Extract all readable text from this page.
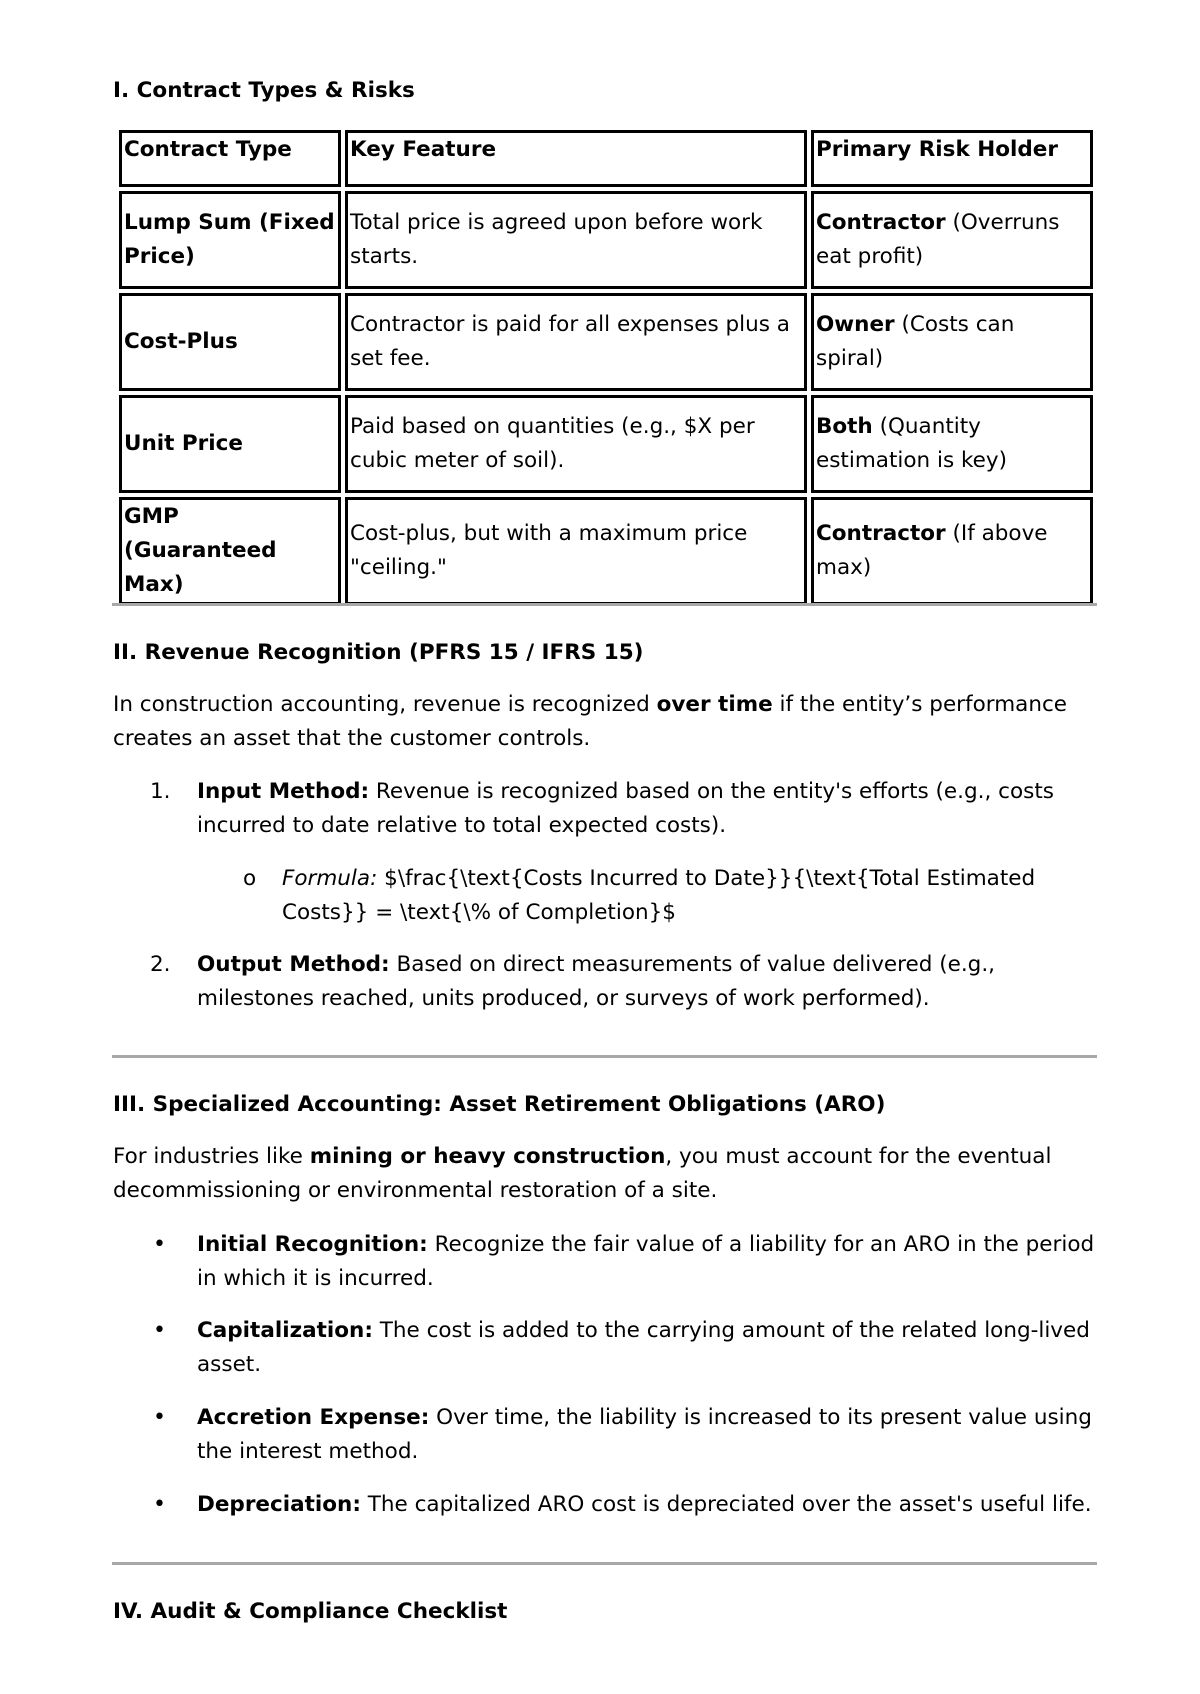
I. Contract Types & Risks
Contract Type	Key Feature	Primary Risk Holder
Lump Sum (Fixed Price)	Total price is agreed upon before work starts.	Contractor (Overruns eat profit)
Cost-Plus	Contractor is paid for all expenses plus a set fee.	Owner (Costs can spiral)
Unit Price	Paid based on quantities (e.g., $X per cubic meter of soil).	Both (Quantity estimation is key)
GMP (Guaranteed Max)	Cost-plus, but with a maximum price "ceiling."	Contractor (If above max)
II. Revenue Recognition (PFRS 15 / IFRS 15)
In construction accounting, revenue is recognized over time if the entity’s performance creates an asset that the customer controls.
1.	Input Method: Revenue is recognized based on the entity's efforts (e.g., costs incurred to date relative to total expected costs).
o Formula: $\frac{\text{Costs Incurred to Date}}{\text{Total Estimated Costs}} = \text{\% of Completion}$
2.	Output Method: Based on direct measurements of value delivered (e.g., milestones reached, units produced, or surveys of work performed).
III. Specialized Accounting: Asset Retirement Obligations (ARO)
For industries like mining or heavy construction, you must account for the eventual decommissioning or environmental restoration of a site.
•	Initial Recognition: Recognize the fair value of a liability for an ARO in the period in which it is incurred.
•	Capitalization: The cost is added to the carrying amount of the related long-lived asset.
•	Accretion Expense: Over time, the liability is increased to its present value using the interest method.
•	Depreciation: The capitalized ARO cost is depreciated over the asset's useful life.
IV. Audit & Compliance Checklist
